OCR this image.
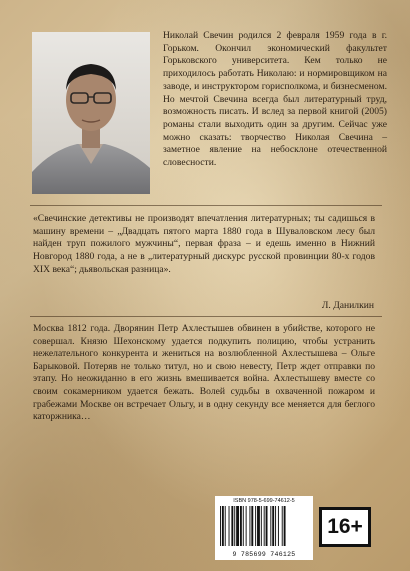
Николай Свечин родился 2 февраля 1959 года в г. Горьком. Окончил экономический факультет Горьковского университета. Кем только не приходилось работать Николаю: и нормировщиком на заводе, и инструктором горисполкома, и бизнесменом. Но мечтой Свечина всегда был литературный труд, возможность писать. И вслед за первой книгой (2005) романы стали выходить один за другим. Сейчас уже можно сказать: творчество Николая Свечина – заметное явление на небосклоне отечественной словесности.

«Свечинские детективы не производят впечатления литературных; ты садишься в машину времени – „Двадцать пятого марта 1880 года в Шуваловском лесу был найден труп пожилого мужчины“, первая фраза – и едешь именно в Нижний Новгород 1880 года, а не в „литературный дискурс русской провинции 80-х годов XIX века“; дьявольская разница».

Л. Данилкин

Москва 1812 года. Дворянин Петр Ахлестышев обвинен в убийстве, которого не совершал. Князю Шехонскому удается подкупить полицию, чтобы устранить нежелательного конкурента и жениться на возлюбленной Ахлестышева – Ольге Барыковой. Потеряв не только титул, но и свою невесту, Петр ждет отправки по этапу. Но неожиданно в его жизнь вмешивается война. Ахлестышеву вместе со своим сокамерником удается бежать. Волей судьбы в охваченной пожаром и грабежами Москве он встречает Ольгу, и в одну секунду все меняется для беглого каторжника…

ISBN 978-5-699-74612-5
9 785699 746125
16+
